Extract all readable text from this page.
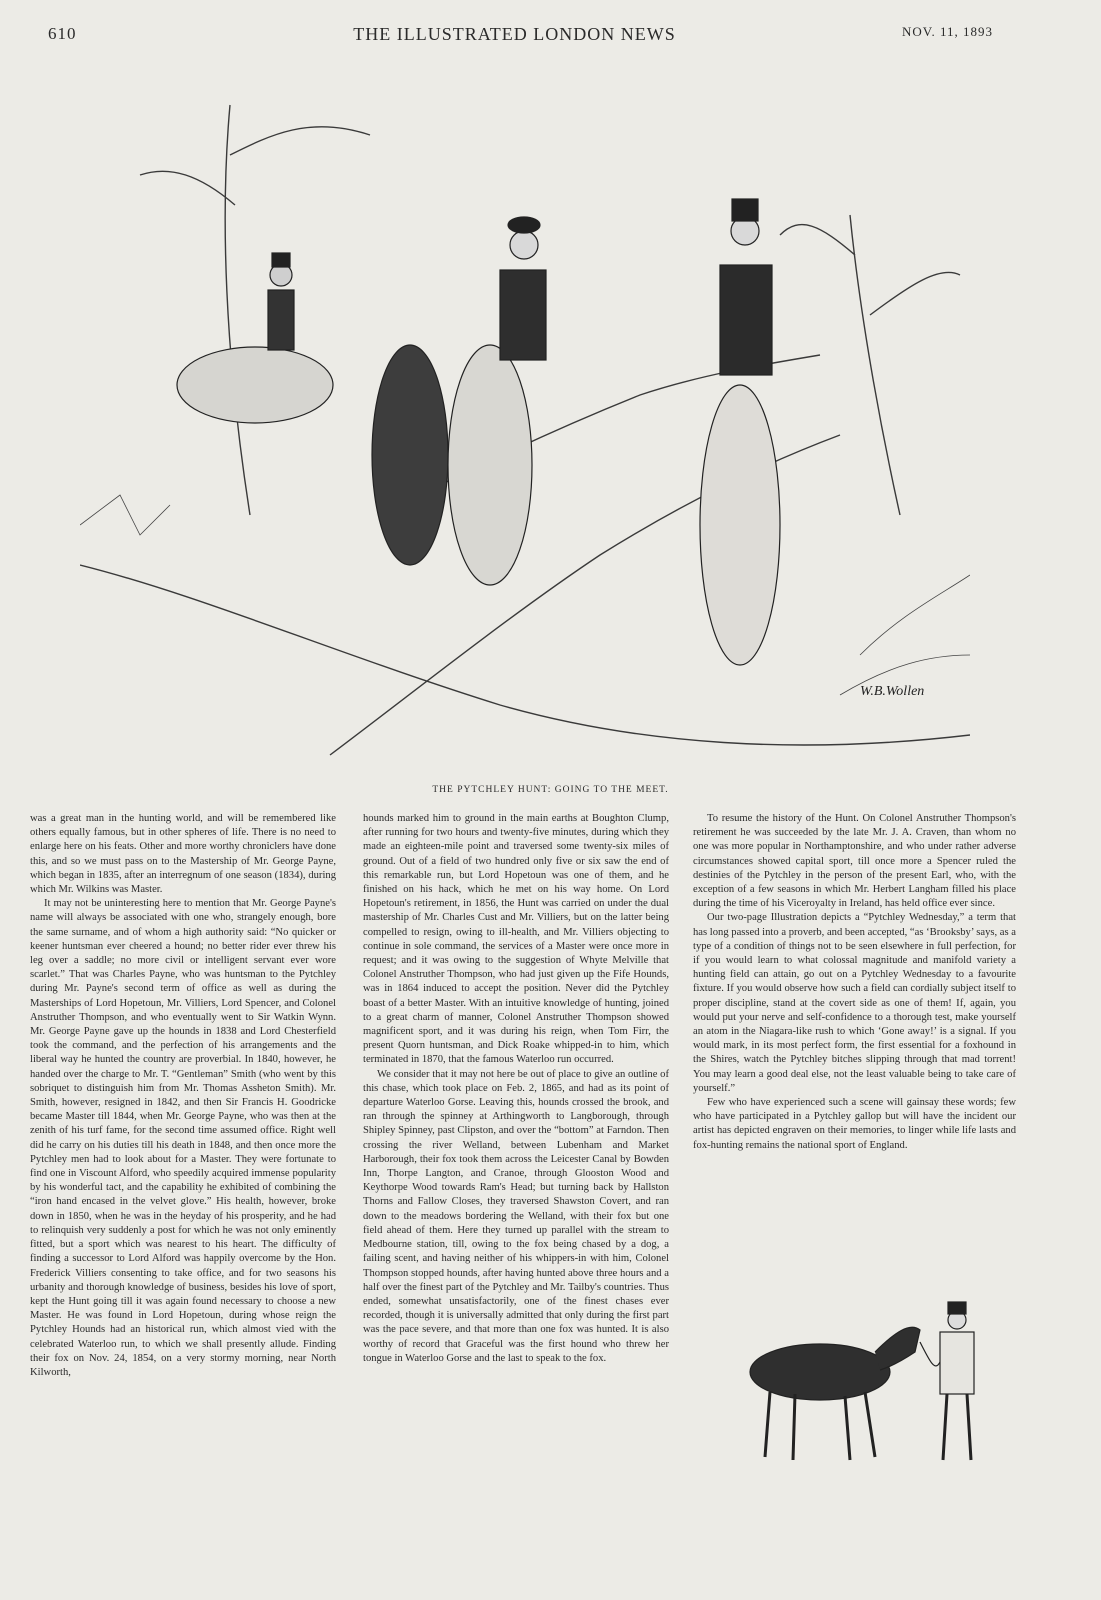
610	THE ILLUSTRATED LONDON NEWS	NOV. 11, 1893
W.B.Wollen
THE PYTCHLEY HUNT: GOING TO THE MEET.

was a great man in the hunting world, and will be remembered like others equally famous, but in other spheres of life. There is no need to enlarge here on his feats. Other and more worthy chroniclers have done this, and so we must pass on to the Mastership of Mr. George Payne, which began in 1835, after an interregnum of one season (1834), during which Mr. Wilkins was Master.

It may not be uninteresting here to mention that Mr. George Payne's name will always be associated with one who, strangely enough, bore the same surname, and of whom a high authority said: “No quicker or keener huntsman ever cheered a hound; no better rider ever threw his leg over a saddle; no more civil or intelligent servant ever wore scarlet.” That was Charles Payne, who was huntsman to the Pytchley during Mr. Payne's second term of office as well as during the Masterships of Lord Hopetoun, Mr. Villiers, Lord Spencer, and Colonel Anstruther Thompson, and who eventually went to Sir Watkin Wynn. Mr. George Payne gave up the hounds in 1838 and Lord Chesterfield took the command, and the perfection of his arrangements and the liberal way he hunted the country are proverbial. In 1840, however, he handed over the charge to Mr. T. “Gentleman” Smith (who went by this sobriquet to distinguish him from Mr. Thomas Assheton Smith). Mr. Smith, however, resigned in 1842, and then Sir Francis H. Goodricke became Master till 1844, when Mr. George Payne, who was then at the zenith of his turf fame, for the second time assumed office. Right well did he carry on his duties till his death in 1848, and then once more the Pytchley men had to look about for a Master. They were fortunate to find one in Viscount Alford, who speedily acquired immense popularity by his wonderful tact, and the capability he exhibited of combining the “iron hand encased in the velvet glove.” His health, however, broke down in 1850, when he was in the heyday of his prosperity, and he had to relinquish very suddenly a post for which he was not only eminently fitted, but a sport which was nearest to his heart. The difficulty of finding a successor to Lord Alford was happily overcome by the Hon. Frederick Villiers consenting to take office, and for two seasons his urbanity and thorough knowledge of business, besides his love of sport, kept the Hunt going till it was again found necessary to choose a new Master. He was found in Lord Hopetoun, during whose reign the Pytchley Hounds had an historical run, which almost vied with the celebrated Waterloo run, to which we shall presently allude. Finding their fox on Nov. 24, 1854, on a very stormy morning, near North Kilworth,

hounds marked him to ground in the main earths at Boughton Clump, after running for two hours and twenty-five minutes, during which they made an eighteen-mile point and traversed some twenty-six miles of ground. Out of a field of two hundred only five or six saw the end of this remarkable run, but Lord Hopetoun was one of them, and he finished on his hack, which he met on his way home. On Lord Hopetoun's retirement, in 1856, the Hunt was carried on under the dual mastership of Mr. Charles Cust and Mr. Villiers, but on the latter being compelled to resign, owing to ill-health, and Mr. Villiers objecting to continue in sole command, the services of a Master were once more in request; and it was owing to the suggestion of Whyte Melville that Colonel Anstruther Thompson, who had just given up the Fife Hounds, was in 1864 induced to accept the position. Never did the Pytchley boast of a better Master. With an intuitive knowledge of hunting, joined to a great charm of manner, Colonel Anstruther Thompson showed magnificent sport, and it was during his reign, when Tom Firr, the present Quorn huntsman, and Dick Roake whipped-in to him, which terminated in 1870, that the famous Waterloo run occurred.

We consider that it may not here be out of place to give an outline of this chase, which took place on Feb. 2, 1865, and had as its point of departure Waterloo Gorse. Leaving this, hounds crossed the brook, and ran through the spinney at Arthingworth to Langborough, through Shipley Spinney, past Clipston, and over the “bottom” at Farndon. Then crossing the river Welland, between Lubenham and Market Harborough, their fox took them across the Leicester Canal by Bowden Inn, Thorpe Langton, and Cranoe, through Glooston Wood and Keythorpe Wood towards Ram's Head; but turning back by Hallston Thorns and Fallow Closes, they traversed Shawston Covert, and ran down to the meadows bordering the Welland, with their fox but one field ahead of them. Here they turned up parallel with the stream to Medbourne station, till, owing to the fox being chased by a dog, a failing scent, and having neither of his whippers-in with him, Colonel Thompson stopped hounds, after having hunted above three hours and a half over the finest part of the Pytchley and Mr. Tailby's countries. Thus ended, somewhat unsatisfactorily, one of the finest chases ever recorded, though it is universally admitted that only during the first part was the pace severe, and that more than one fox was hunted. It is also worthy of record that Graceful was the first hound who threw her tongue in Waterloo Gorse and the last to speak to the fox.

To resume the history of the Hunt. On Colonel Anstruther Thompson's retirement he was succeeded by the late Mr. J. A. Craven, than whom no one was more popular in Northamptonshire, and who under rather adverse circumstances showed capital sport, till once more a Spencer ruled the destinies of the Pytchley in the person of the present Earl, who, with the exception of a few seasons in which Mr. Herbert Langham filled his place during the time of his Viceroyalty in Ireland, has held office ever since.

Our two-page Illustration depicts a “Pytchley Wednesday,” a term that has long passed into a proverb, and been accepted, “as ‘Brooksby’ says, as a type of a condition of things not to be seen elsewhere in full perfection, for if you would learn to what colossal magnitude and manifold variety a hunting field can attain, go out on a Pytchley Wednesday to a favourite fixture. If you would observe how such a field can cordially subject itself to proper discipline, stand at the covert side as one of them! If, again, you would put your nerve and self-confidence to a thorough test, make yourself an atom in the Niagara-like rush to which ‘Gone away!’ is a signal. If you would mark, in its most perfect form, the first essential for a foxhound in the Shires, watch the Pytchley bitches slipping through that mad torrent! You may learn a good deal else, not the least valuable being to take care of yourself.”

Few who have experienced such a scene will gainsay these words; few who have participated in a Pytchley gallop but will have the incident our artist has depicted engraven on their memories, to linger while life lasts and fox-hunting remains the national sport of England.
